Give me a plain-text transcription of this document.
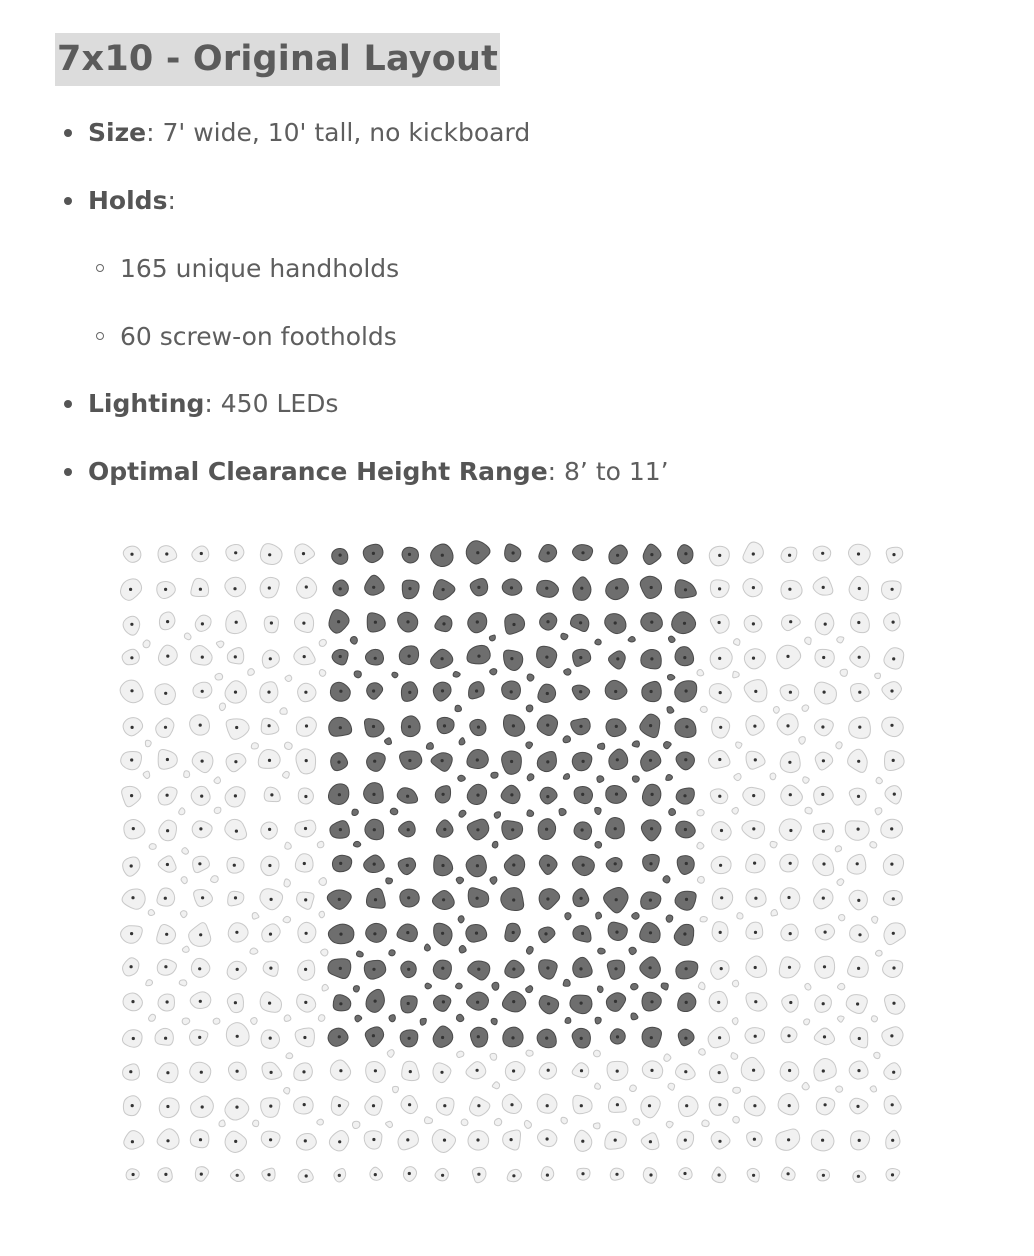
7x10 - Original Layout
Size: 7' wide, 10' tall, no kickboard
Holds:
165 unique handholds
60 screw-on footholds
Lighting: 450 LEDs
Optimal Clearance Height Range: 8’ to 11’
